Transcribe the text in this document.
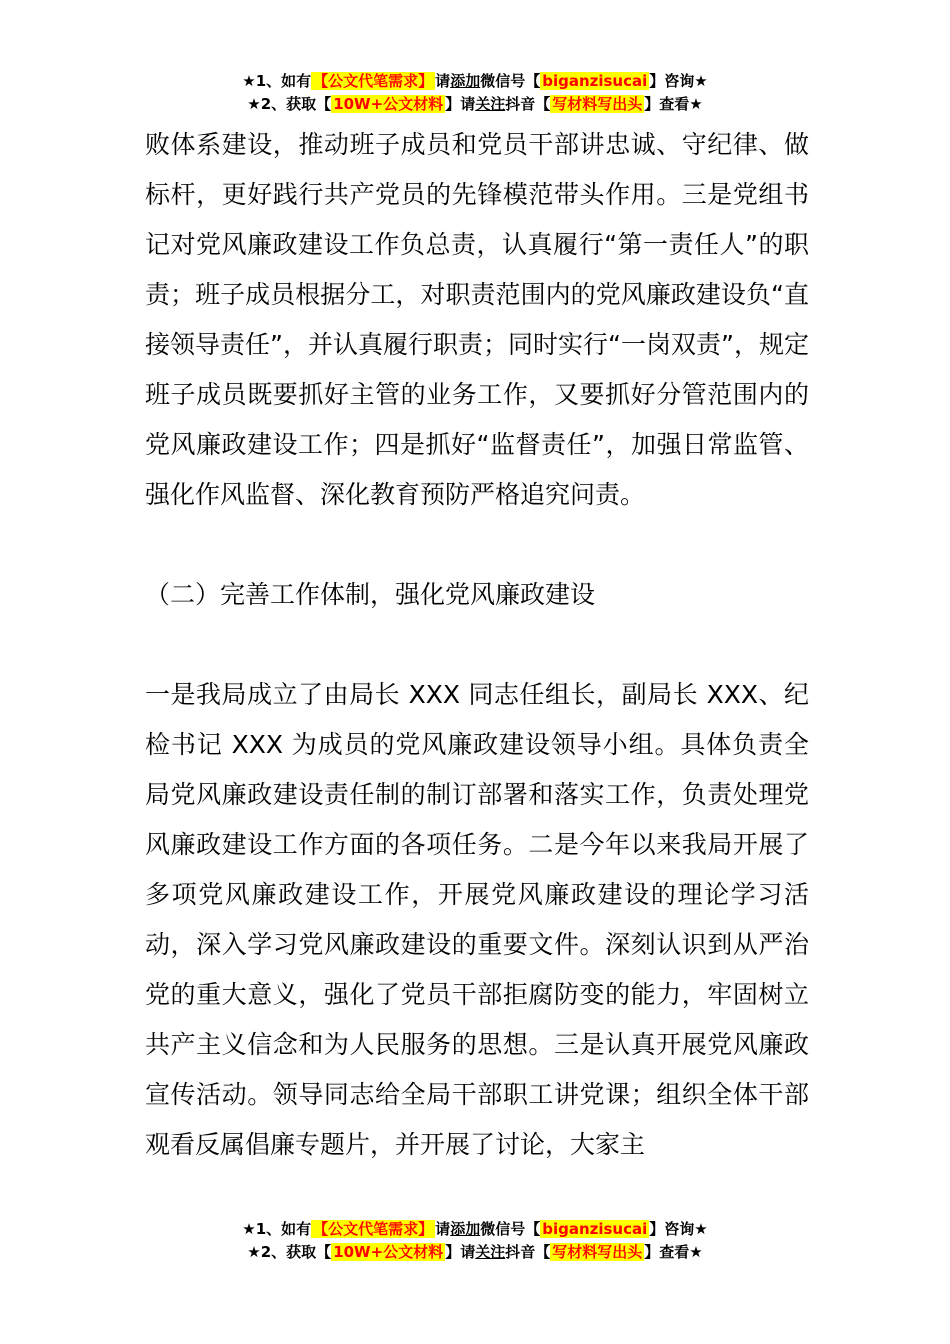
★1、如有 【公文代笔需求】 请添加微信号【 biganzisucai 】咨询★
★2、获取【 10W+公文材料 】请关注抖音【 写材料写出头 】查看★

败体系建设，推动班子成员和党员干部讲忠诚、守纪律、做标杆，更好践行共产党员的先锋模范带头作用。三是党组书记对党风廉政建设工作负总责，认真履行“第一责任人”的职责；班子成员根据分工，对职责范围内的党风廉政建设负“直接领导责任”，并认真履行职责；同时实行“一岗双责”，规定班子成员既要抓好主管的业务工作，又要抓好分管范围内的党风廉政建设工作；四是抓好“监督责任”，加强日常监管、强化作风监督、深化教育预防严格追究问责。

（二）完善工作体制，强化党风廉政建设

一是我局成立了由局长 XXX 同志任组长，副局长 XXX、纪检书记 XXX 为成员的党风廉政建设领导小组。具体负责全局党风廉政建设责任制的制订部署和落实工作，负责处理党风廉政建设工作方面的各项任务。二是今年以来我局开展了多项党风廉政建设工作，开展党风廉政建设的理论学习活动，深入学习党风廉政建设的重要文件。深刻认识到从严治党的重大意义，强化了党员干部拒腐防变的能力，牢固树立共产主义信念和为人民服务的思想。三是认真开展党风廉政宣传活动。领导同志给全局干部职工讲党课；组织全体干部观看反属倡廉专题片，并开展了讨论，大家主

★1、如有 【公文代笔需求】 请添加微信号【 biganzisucai 】咨询★
★2、获取【 10W+公文材料 】请关注抖音【 写材料写出头 】查看★
